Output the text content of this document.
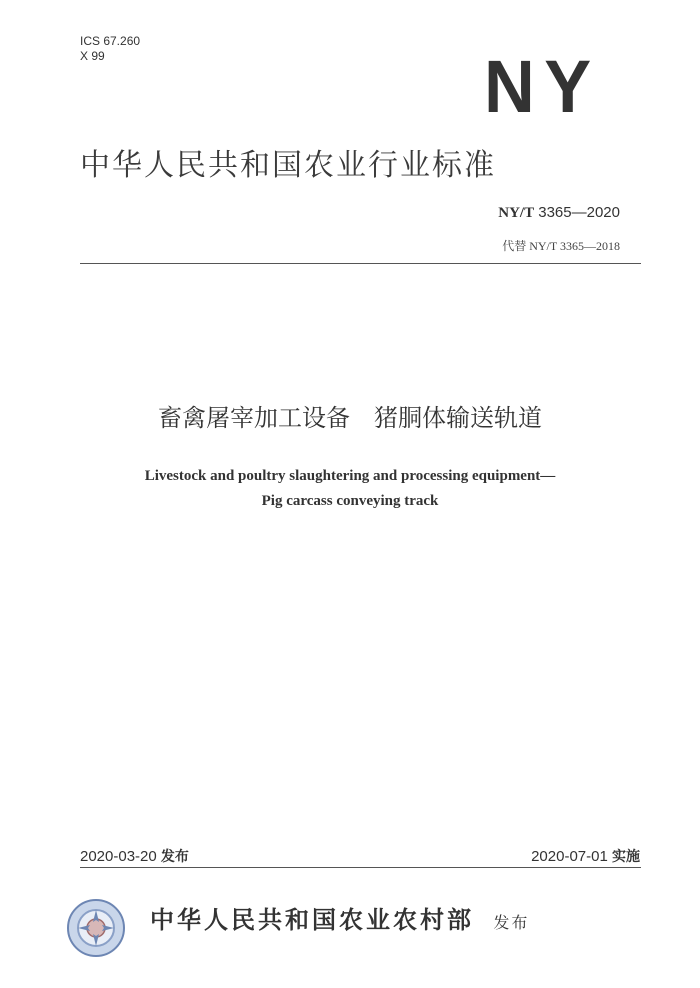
ICS 67.260
X 99	NY
中华人民共和国农业行业标准
NY/T 3365—2020
代替 NY/T 3365—2018
畜禽屠宰加工设备　猪胴体输送轨道
Livestock and poultry slaughtering and processing equipment—
Pig carcass conveying track
2020-03-20 发布	2020-07-01 实施
中华人民共和国农业农村部 发布
